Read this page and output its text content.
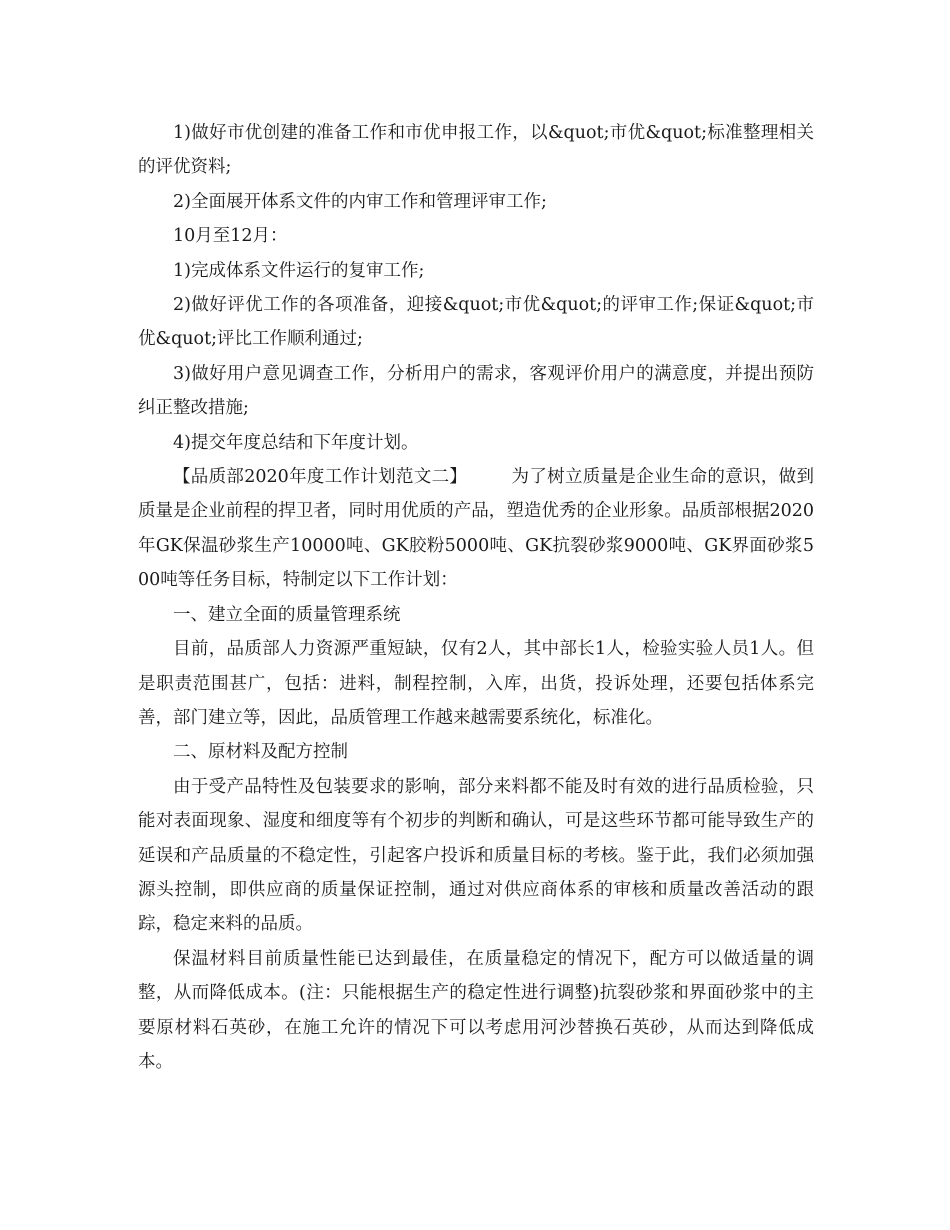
1)做好市优创建的准备工作和市优申报工作，以&quot;市优&quot;标准整理相关的评优资料;

2)全面展开体系文件的内审工作和管理评审工作;

10月至12月：

1)完成体系文件运行的复审工作;

2)做好评优工作的各项准备，迎接&quot;市优&quot;的评审工作;保证&quot;市优&quot;评比工作顺利通过;

3)做好用户意见调查工作，分析用户的需求，客观评价用户的满意度，并提出预防纠正整改措施;

4)提交年度总结和下年度计划。

【品质部2020年度工作计划范文二】	为了树立质量是企业生命的意识，做到质量是企业前程的捍卫者，同时用优质的产品，塑造优秀的企业形象。品质部根据2020年GK保温砂浆生产10000吨、GK胶粉5000吨、GK抗裂砂浆9000吨、GK界面砂浆500吨等任务目标，特制定以下工作计划：

一、建立全面的质量管理系统

目前，品质部人力资源严重短缺，仅有2人，其中部长1人，检验实验人员1人。但是职责范围甚广，包括：进料，制程控制，入库，出货，投诉处理，还要包括体系完善，部门建立等，因此，品质管理工作越来越需要系统化，标准化。

二、原材料及配方控制

由于受产品特性及包装要求的影响，部分来料都不能及时有效的进行品质检验，只能对表面现象、湿度和细度等有个初步的判断和确认，可是这些环节都可能导致生产的延误和产品质量的不稳定性，引起客户投诉和质量目标的考核。鉴于此，我们必须加强源头控制，即供应商的质量保证控制，通过对供应商体系的审核和质量改善活动的跟踪，稳定来料的品质。

保温材料目前质量性能已达到最佳，在质量稳定的情况下，配方可以做适量的调整，从而降低成本。(注：只能根据生产的稳定性进行调整)抗裂砂浆和界面砂浆中的主要原材料石英砂，在施工允许的情况下可以考虑用河沙替换石英砂，从而达到降低成本。
